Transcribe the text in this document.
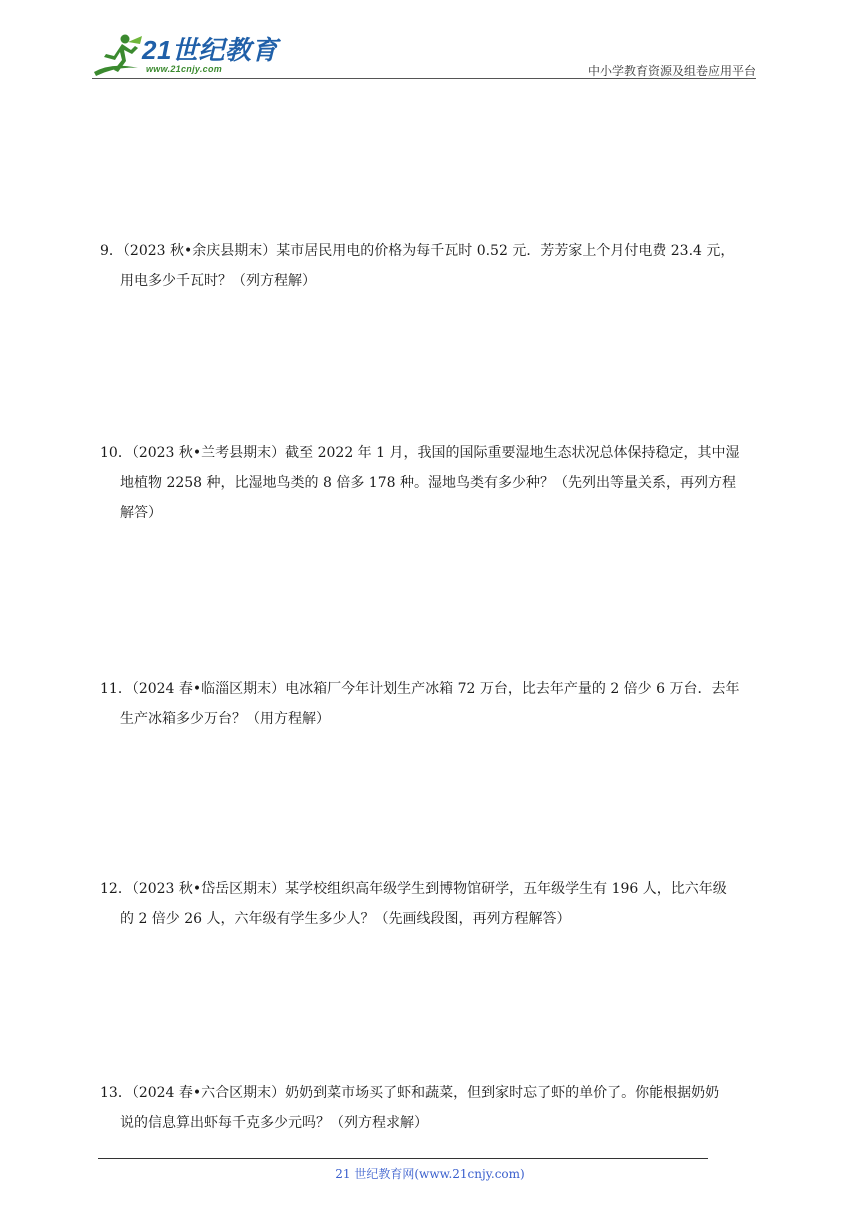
21世纪教育
www.21cnjy.com	中小学教育资源及组卷应用平台
9．（2023 秋•余庆县期末）某市居民用电的价格为每千瓦时 0.52 元．芳芳家上个月付电费 23.4 元，
用电多少千瓦时？（列方程解）
10．（2023 秋•兰考县期末）截至 2022 年 1 月，我国的国际重要湿地生态状况总体保持稳定，其中湿
地植物 2258 种，比湿地鸟类的 8 倍多 178 种。湿地鸟类有多少种？（先列出等量关系，再列方程
解答）
11．（2024 春•临淄区期末）电冰箱厂今年计划生产冰箱 72 万台，比去年产量的 2 倍少 6 万台．去年
生产冰箱多少万台？（用方程解）
12．（2023 秋•岱岳区期末）某学校组织高年级学生到博物馆研学，五年级学生有 196 人，比六年级
的 2 倍少 26 人，六年级有学生多少人？（先画线段图，再列方程解答）
13．（2024 春•六合区期末）奶奶到菜市场买了虾和蔬菜，但到家时忘了虾的单价了。你能根据奶奶
说的信息算出虾每千克多少元吗？（列方程求解）
21 世纪教育网(www.21cnjy.com)
